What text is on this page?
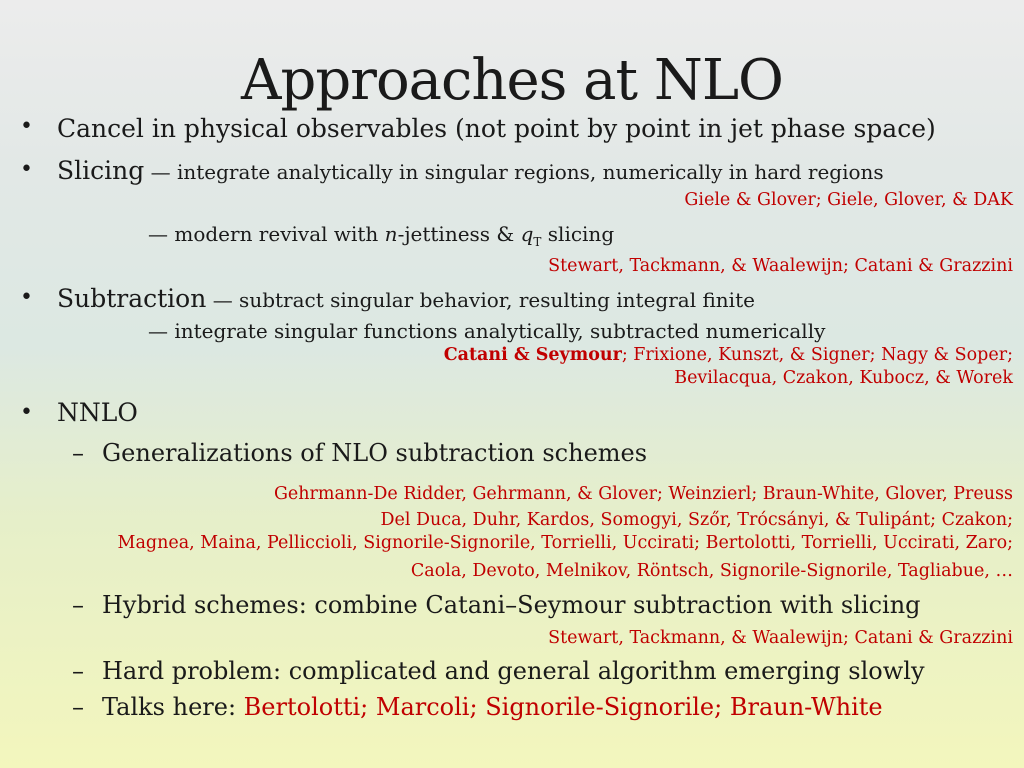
Approaches at NLO
• Cancel in physical observables (not point by point in jet phase space)
• Slicing — integrate analytically in singular regions, numerically in hard regions
Giele & Glover; Giele, Glover, & DAK
— modern revival with n-jettiness & $q_T$ slicing
Stewart, Tackmann, & Waalewijn; Catani & Grazzini
• Subtraction — subtract singular behavior, resulting integral finite
— integrate singular functions analytically, subtracted numerically
Catani & Seymour; Frixione, Kunszt, & Signer; Nagy & Soper;
Bevilacqua, Czakon, Kubocz, & Worek
• NNLO
– Generalizations of NLO subtraction schemes
Gehrmann-De Ridder, Gehrmann, & Glover; Weinzierl; Braun-White, Glover, Preuss
Del Duca, Duhr, Kardos, Somogyi, Szőr, Trócsányi, & Tulipánt; Czakon;
Magnea, Maina, Pelliccioli, Signorile-Signorile, Torrielli, Uccirati; Bertolotti, Torrielli, Uccirati, Zaro;
Caola, Devoto, Melnikov, Röntsch, Signorile-Signorile, Tagliabue, …
– Hybrid schemes: combine Catani–Seymour subtraction with slicing
Stewart, Tackmann, & Waalewijn; Catani & Grazzini
– Hard problem: complicated and general algorithm emerging slowly
– Talks here: Bertolotti; Marcoli; Signorile-Signorile; Braun-White
